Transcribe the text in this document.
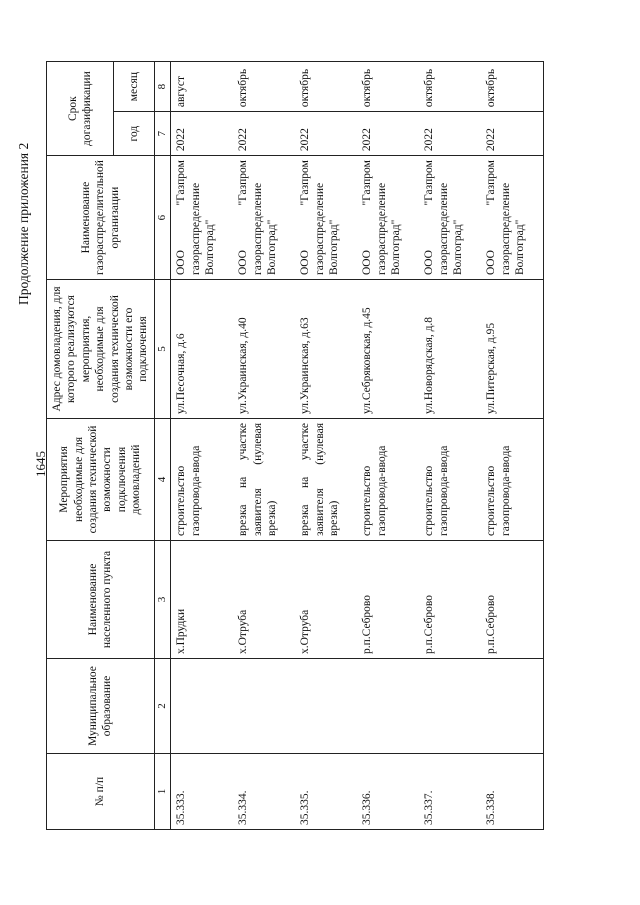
1645
Продолжение приложения 2
№ п/п	Муниципальное образование	Наименование населенного пункта	Мероприятия необходимые для создания технической возможности подключения домовладений	Адрес домовладения, для которого реализуются мероприятия, необходимые для создания технической возможности его подключения	Наименование газораспределительной организации	Срок догазификации	
						год	месяц
1	2	3	4	5	6	7	8
35.333.		х.Прудки	строительство газопровода-ввода	ул.Песочная, д.6	ООО "Газпром газораспределение Волгоград"	2022	август
35.334.		х.Отруба	врезка на участке заявителя (нулевая врезка)	ул.Украинская, д.40	ООО "Газпром газораспределение Волгоград"	2022	октябрь
35.335.		х.Отруба	врезка на участке заявителя (нулевая врезка)	ул.Украинская, д.63	ООО "Газпром газораспределение Волгоград"	2022	октябрь
35.336.		р.п.Себрово	строительство газопровода-ввода	ул.Себряковская, д.45	ООО "Газпром газораспределение Волгоград"	2022	октябрь
35.337.		р.п.Себрово	строительство газопровода-ввода	ул.Новорядская, д.8	ООО "Газпром газораспределение Волгоград"	2022	октябрь
35.338.		р.п.Себрово	строительство газопровода-ввода	ул.Питерская, д.95	ООО "Газпром газораспределение Волгоград"	2022	октябрь
